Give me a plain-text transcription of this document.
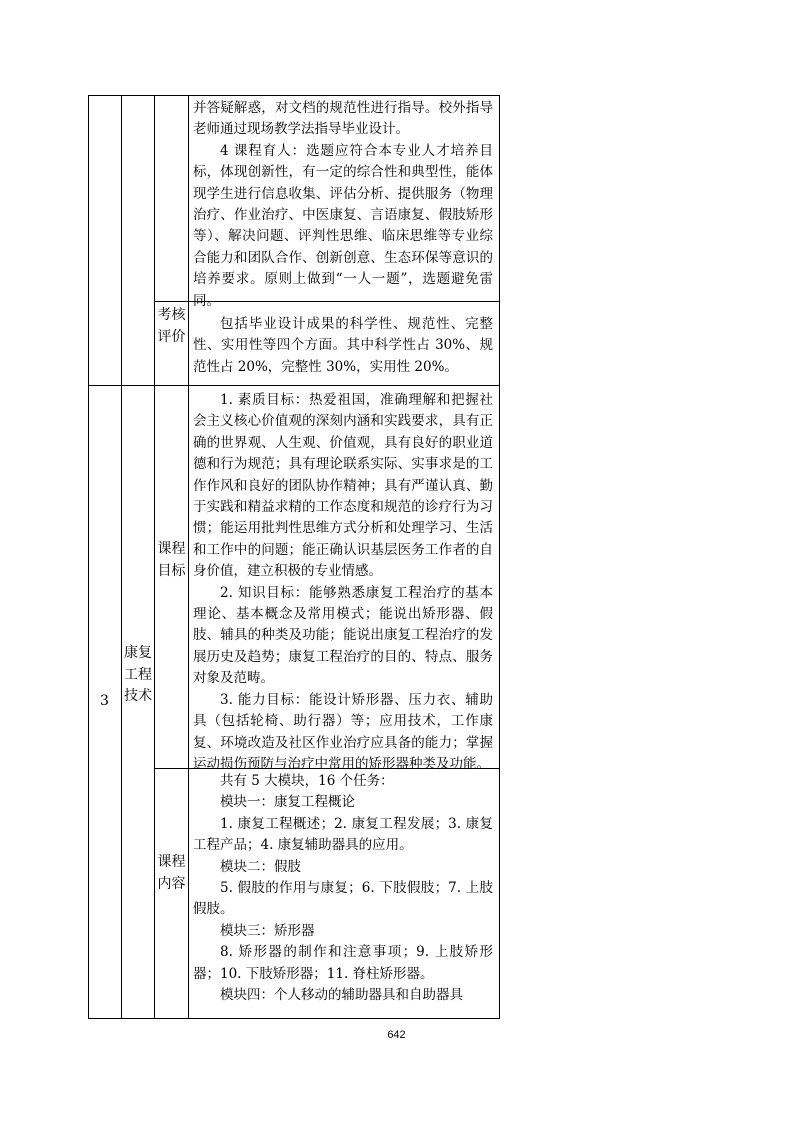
并答疑解惑，对文档的规范性进行指导。校外指导老师通过现场教学法指导毕业设计。

4 课程育人：选题应符合本专业人才培养目标，体现创新性，有一定的综合性和典型性，能体现学生进行信息收集、评估分析、提供服务（物理治疗、作业治疗、中医康复、言语康复、假肢矫形等）、解决问题、评判性思维、临床思维等专业综合能力和团队合作、创新创意、生态环保等意识的培养要求。原则上做到“一人一题”，选题避免雷同。

考核评价

包括毕业设计成果的科学性、规范性、完整性、实用性等四个方面。其中科学性占 30%、规范性占 20%，完整性 30%，实用性 20%。

3
康复工程技术
课程目标

1. 素质目标：热爱祖国，准确理解和把握社会主义核心价值观的深刻内涵和实践要求，具有正确的世界观、人生观、价值观，具有良好的职业道德和行为规范；具有理论联系实际、实事求是的工作作风和良好的团队协作精神；具有严谨认真、勤于实践和精益求精的工作态度和规范的诊疗行为习惯；能运用批判性思维方式分析和处理学习、生活和工作中的问题；能正确认识基层医务工作者的自身价值，建立积极的专业情感。

2. 知识目标：能够熟悉康复工程治疗的基本理论、基本概念及常用模式；能说出矫形器、假肢、辅具的种类及功能；能说出康复工程治疗的发展历史及趋势；康复工程治疗的目的、特点、服务对象及范畴。

3. 能力目标：能设计矫形器、压力衣、辅助具（包括轮椅、助行器）等；应用技术，工作康复、环境改造及社区作业治疗应具备的能力；掌握运动损伤预防与治疗中常用的矫形器种类及功能。

课程内容

共有 5 大模块，16 个任务：

模块一：康复工程概论

1. 康复工程概述；2. 康复工程发展；3. 康复工程产品；4. 康复辅助器具的应用。

模块二：假肢

5. 假肢的作用与康复；6. 下肢假肢；7. 上肢假肢。

模块三：矫形器

8. 矫形器的制作和注意事项；9. 上肢矫形器；10. 下肢矫形器；11. 脊柱矫形器。

模块四：个人移动的辅助器具和自助器具

642
